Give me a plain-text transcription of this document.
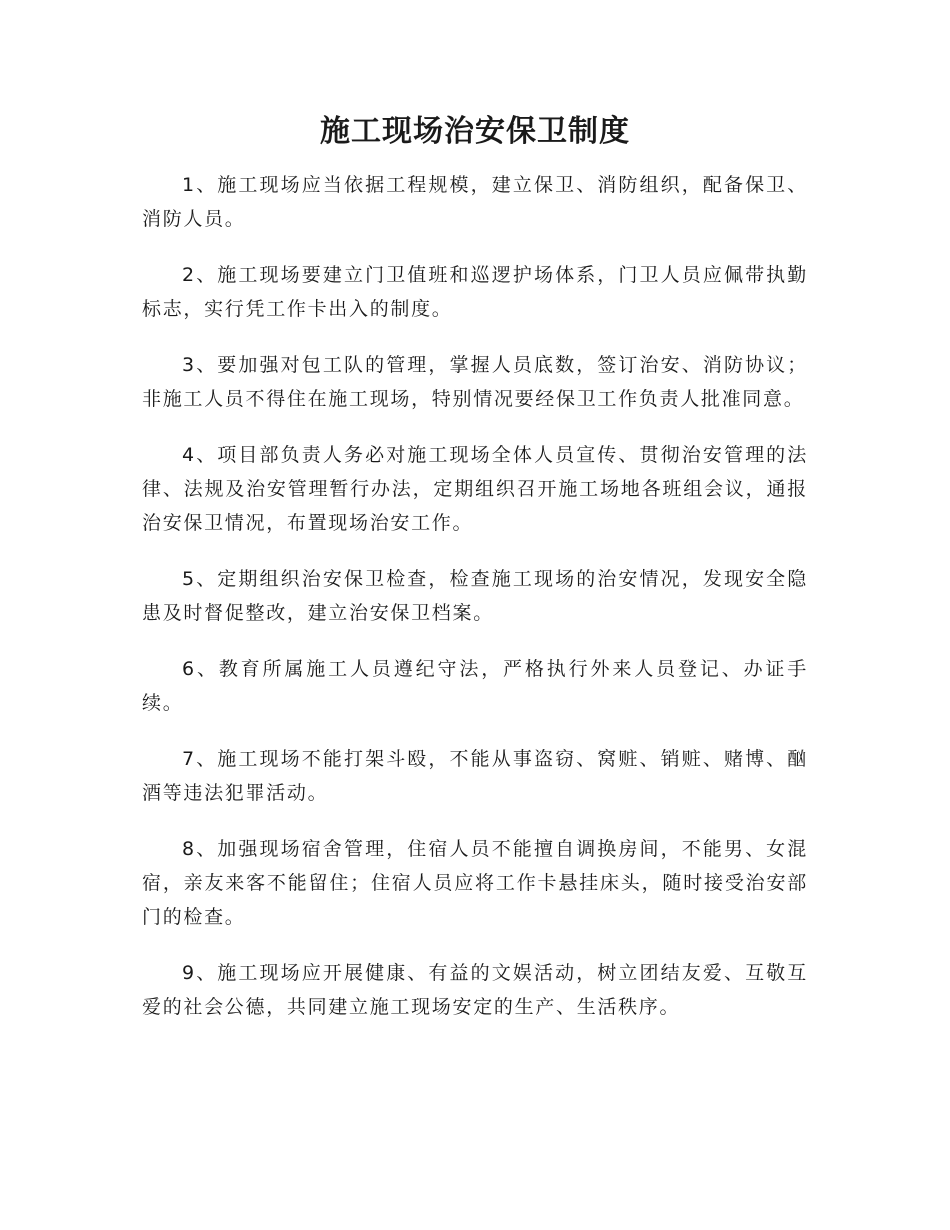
施工现场治安保卫制度

1、施工现场应当依据工程规模，建立保卫、消防组织，配备保卫、消防人员。

2、施工现场要建立门卫值班和巡逻护场体系，门卫人员应佩带执勤标志，实行凭工作卡出入的制度。

3、要加强对包工队的管理，掌握人员底数，签订治安、消防协议；非施工人员不得住在施工现场，特别情况要经保卫工作负责人批准同意。

4、项目部负责人务必对施工现场全体人员宣传、贯彻治安管理的法律、法规及治安管理暂行办法，定期组织召开施工场地各班组会议，通报治安保卫情况，布置现场治安工作。

5、定期组织治安保卫检查，检查施工现场的治安情况，发现安全隐患及时督促整改，建立治安保卫档案。

6、教育所属施工人员遵纪守法，严格执行外来人员登记、办证手续。

7、施工现场不能打架斗殴，不能从事盗窃、窝赃、销赃、赌博、酗酒等违法犯罪活动。

8、加强现场宿舍管理，住宿人员不能擅自调换房间，不能男、女混宿，亲友来客不能留住；住宿人员应将工作卡悬挂床头，随时接受治安部门的检查。

9、施工现场应开展健康、有益的文娱活动，树立团结友爱、互敬互爱的社会公德，共同建立施工现场安定的生产、生活秩序。
